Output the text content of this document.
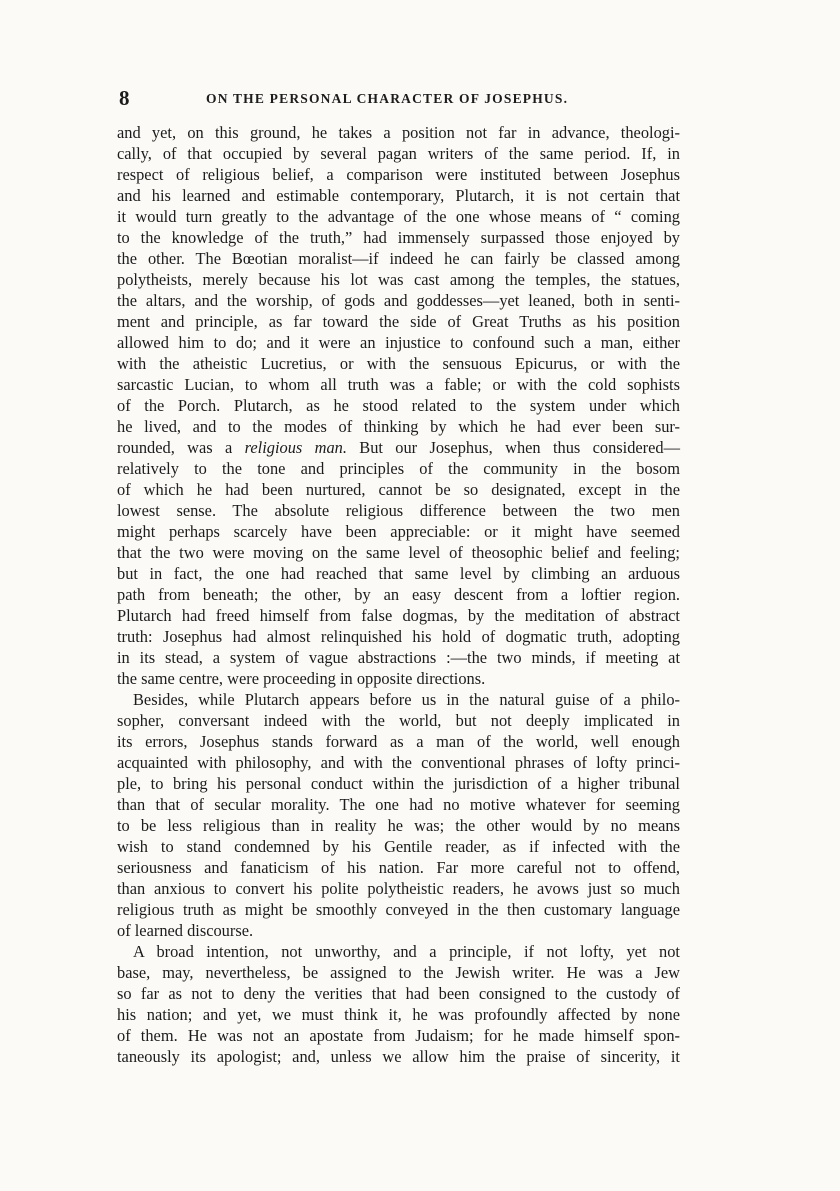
8	ON THE PERSONAL CHARACTER OF JOSEPHUS.
and yet, on this ground, he takes a position not far in advance, theologi-
cally, of that occupied by several pagan writers of the same period. If, in
respect of religious belief, a comparison were instituted between Josephus
and his learned and estimable contemporary, Plutarch, it is not certain that
it would turn greatly to the advantage of the one whose means of “ coming
to the knowledge of the truth,” had immensely surpassed those enjoyed by
the other. The Bœotian moralist—if indeed he can fairly be classed among
polytheists, merely because his lot was cast among the temples, the statues,
the altars, and the worship, of gods and goddesses—yet leaned, both in senti-
ment and principle, as far toward the side of Great Truths as his position
allowed him to do; and it were an injustice to confound such a man, either
with the atheistic Lucretius, or with the sensuous Epicurus, or with the
sarcastic Lucian, to whom all truth was a fable; or with the cold sophists
of the Porch. Plutarch, as he stood related to the system under which
he lived, and to the modes of thinking by which he had ever been sur-
rounded, was a religious man. But our Josephus, when thus considered—
relatively to the tone and principles of the community in the bosom
of which he had been nurtured, cannot be so designated, except in the
lowest sense. The absolute religious difference between the two men
might perhaps scarcely have been appreciable: or it might have seemed
that the two were moving on the same level of theosophic belief and feeling;
but in fact, the one had reached that same level by climbing an arduous
path from beneath; the other, by an easy descent from a loftier region.
Plutarch had freed himself from false dogmas, by the meditation of abstract
truth: Josephus had almost relinquished his hold of dogmatic truth, adopting
in its stead, a system of vague abstractions :—the two minds, if meeting at
the same centre, were proceeding in opposite directions.
Besides, while Plutarch appears before us in the natural guise of a philo-
sopher, conversant indeed with the world, but not deeply implicated in
its errors, Josephus stands forward as a man of the world, well enough
acquainted with philosophy, and with the conventional phrases of lofty princi-
ple, to bring his personal conduct within the jurisdiction of a higher tribunal
than that of secular morality. The one had no motive whatever for seeming
to be less religious than in reality he was; the other would by no means
wish to stand condemned by his Gentile reader, as if infected with the
seriousness and fanaticism of his nation. Far more careful not to offend,
than anxious to convert his polite polytheistic readers, he avows just so much
religious truth as might be smoothly conveyed in the then customary language
of learned discourse.
A broad intention, not unworthy, and a principle, if not lofty, yet not
base, may, nevertheless, be assigned to the Jewish writer. He was a Jew
so far as not to deny the verities that had been consigned to the custody of
his nation; and yet, we must think it, he was profoundly affected by none
of them. He was not an apostate from Judaism; for he made himself spon-
taneously its apologist; and, unless we allow him the praise of sincerity, it
